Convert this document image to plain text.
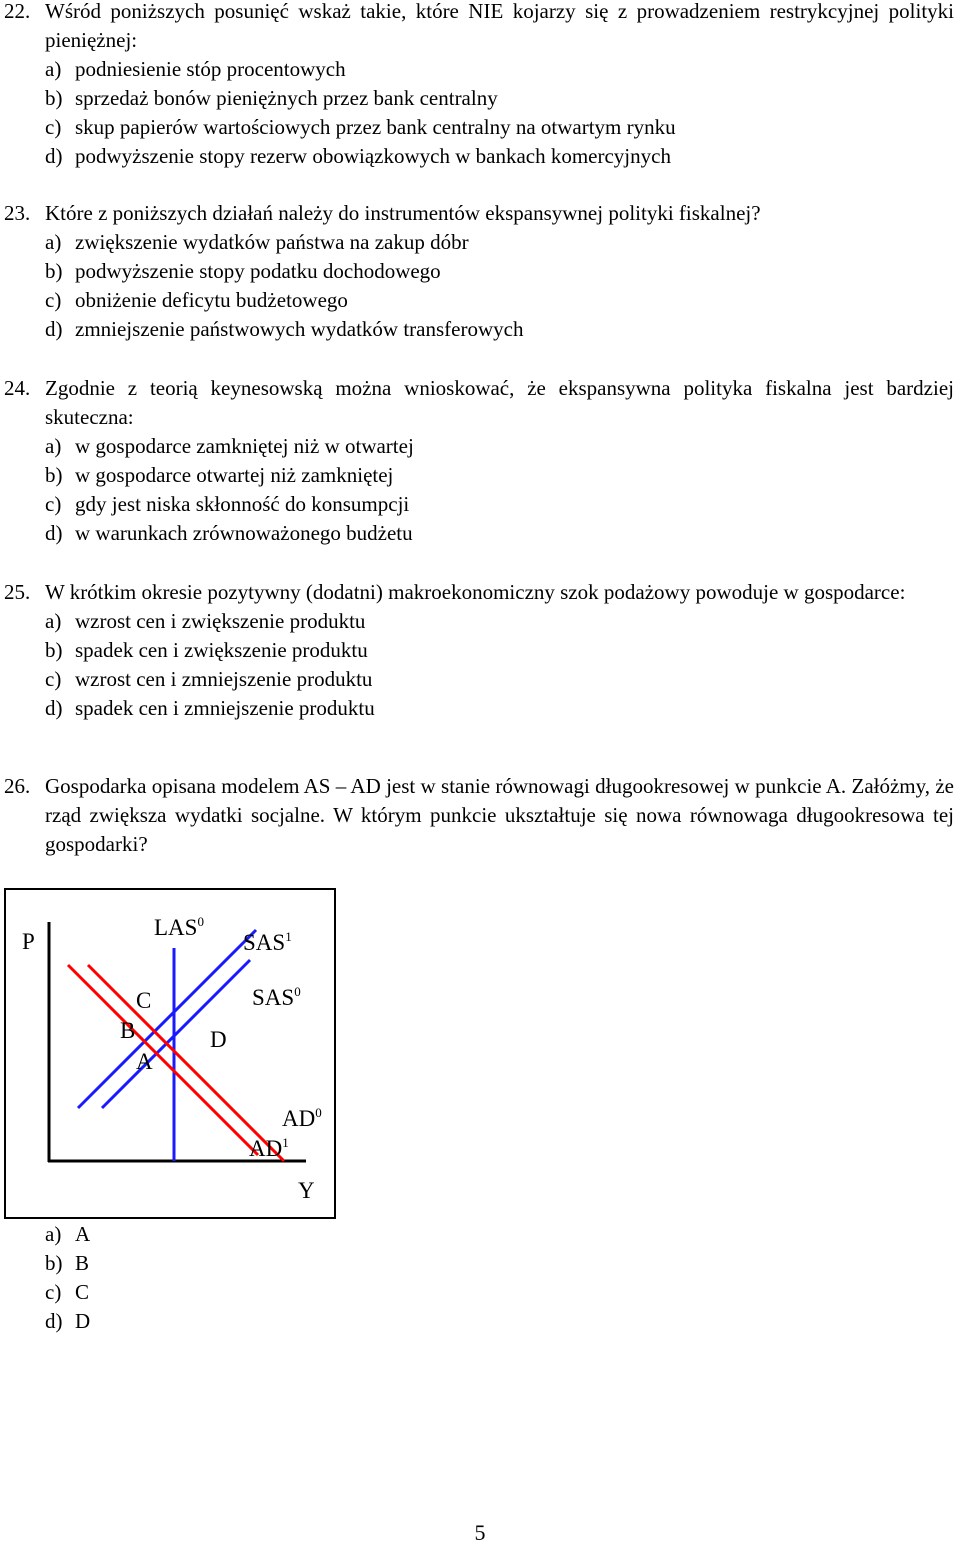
22. Wśród poniższych posunięć wskaż takie, które NIE kojarzy się z prowadzeniem restrykcyjnej polityki pieniężnej:
a) podniesienie stóp procentowych
b) sprzedaż bonów pieniężnych przez bank centralny
c) skup papierów wartościowych przez bank centralny na otwartym rynku
d) podwyższenie stopy rezerw obowiązkowych w bankach komercyjnych
23. Które z poniższych działań należy do instrumentów ekspansywnej polityki fiskalnej?
a) zwiększenie wydatków państwa na zakup dóbr
b) podwyższenie stopy podatku dochodowego
c) obniżenie deficytu budżetowego
d) zmniejszenie państwowych wydatków transferowych
24. Zgodnie z teorią keynesowską można wnioskować, że ekspansywna polityka fiskalna jest bardziej skuteczna:
a) w gospodarce zamkniętej niż w otwartej
b) w gospodarce otwartej niż zamkniętej
c) gdy jest niska skłonność do konsumpcji
d) w warunkach zrównoważonego budżetu
25. W krótkim okresie pozytywny (dodatni) makroekonomiczny szok podażowy powoduje w gospodarce:
a) wzrost cen i zwiększenie produktu
b) spadek cen i zwiększenie produktu
c) wzrost cen i zmniejszenie produktu
d) spadek cen i zmniejszenie produktu
26. Gospodarka opisana modelem AS – AD jest w stanie równowagi długookresowej w punkcie A. Załóżmy, że rząd zwiększa wydatki socjalne. W którym punkcie ukształtuje się nowa równowaga długookresowa tej gospodarki?
P
LAS$^0$
SAS$^1$
SAS$^0$
C
B	D
A
$AD^0$
$AD^1$
Y
a) A
b) B
c) C
d) D
5
